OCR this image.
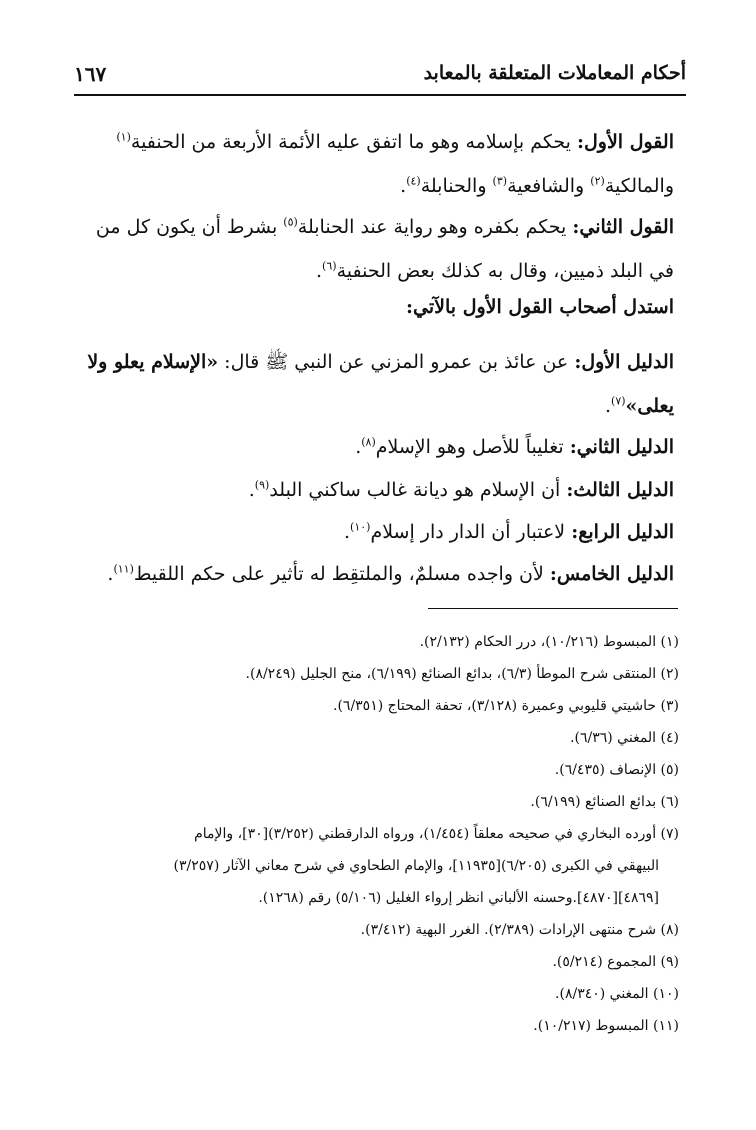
أحكام المعاملات المتعلقة بالمعابد
١٦٧
القول الأول: يحكم بإسلامه وهو ما اتفق عليه الأئمة الأربعة من الحنفية$^{(١)}$
والمالكية$^{(٢)}$ والشافعية$^{(٣)}$ والحنابلة$^{(٤)}$.
القول الثاني: يحكم بكفره وهو رواية عند الحنابلة$^{(٥)}$ بشرط أن يكون كل من
في البلد ذميين، وقال به كذلك بعض الحنفية$^{(٦)}$.
استدل أصحاب القول الأول بالآتي:
الدليل الأول: عن عائذ بن عمرو المزني عن النبي ﷺ قال: «الإسلام يعلو ولا
يعلى»$^{(٧)}$.
الدليل الثاني: تغليباً للأصل وهو الإسلام$^{(٨)}$.
الدليل الثالث: أن الإسلام هو ديانة غالب ساكني البلد$^{(٩)}$.
الدليل الرابع: لاعتبار أن الدار دار إسلام$^{(١٠)}$.
الدليل الخامس: لأن واجده مسلمٌ، والملتقِط له تأثير على حكم اللقيط$^{(١١)}$.
(١) المبسوط (١٠/٢١٦)، درر الحكام (٢/١٣٢).
(٢) المنتقى شرح الموطأ (٦/٣)، بدائع الصنائع (٦/١٩٩)، منح الجليل (٨/٢٤٩).
(٣) حاشيتي قليوبي وعميرة (٣/١٢٨)، تحفة المحتاج (٦/٣٥١).
(٤) المغني (٦/٣٦).
(٥) الإنصاف (٦/٤٣٥).
(٦) بدائع الصنائع (٦/١٩٩).
(٧) أورده البخاري في صحيحه معلقاً (١/٤٥٤)، ورواه الدارقطني (٣/٢٥٢)[٣٠]، والإمام
البيهقي في الكبرى (٦/٢٠٥)[١١٩٣٥]، والإمام الطحاوي في شرح معاني الآثار (٣/٢٥٧)
[٤٨٦٩][٤٨٧٠].وحسنه الألباني انظر إرواء الغليل (٥/١٠٦) رقم (١٢٦٨).
(٨) شرح منتهى الإرادات (٢/٣٨٩). الغرر البهية (٣/٤١٢).
(٩) المجموع (٥/٢١٤).
(١٠) المغني (٨/٣٤٠).
(١١) المبسوط (١٠/٢١٧).
